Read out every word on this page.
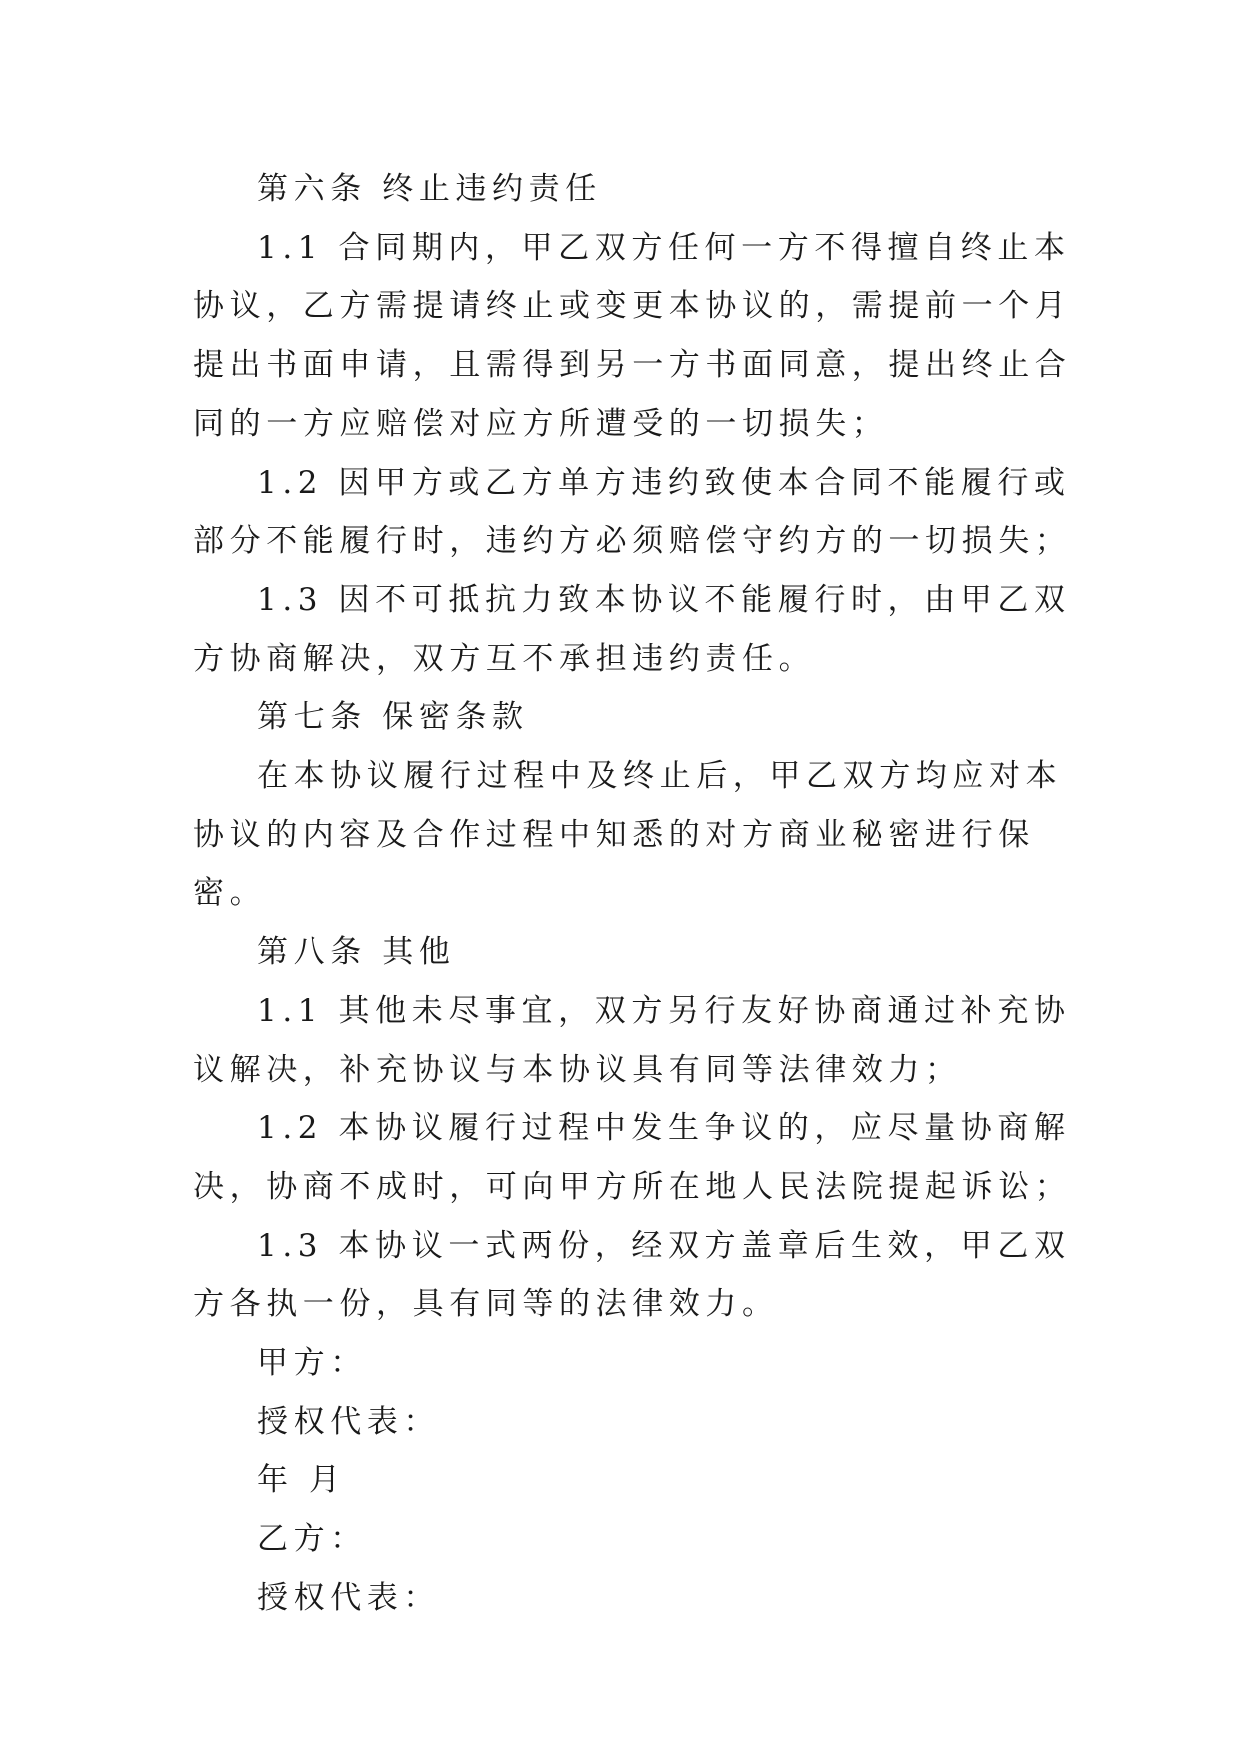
第六条 终止违约责任

1.1 合同期内，甲乙双方任何一方不得擅自终止本协议，乙方需提请终止或变更本协议的，需提前一个月提出书面申请，且需得到另一方书面同意，提出终止合同的一方应赔偿对应方所遭受的一切损失；

1.2 因甲方或乙方单方违约致使本合同不能履行或部分不能履行时，违约方必须赔偿守约方的一切损失；

1.3 因不可抵抗力致本协议不能履行时，由甲乙双方协商解决，双方互不承担违约责任。

第七条 保密条款

在本协议履行过程中及终止后，甲乙双方均应对本协议的内容及合作过程中知悉的对方商业秘密进行保密。

第八条 其他

1.1 其他未尽事宜，双方另行友好协商通过补充协议解决，补充协议与本协议具有同等法律效力；

1.2 本协议履行过程中发生争议的，应尽量协商解决，协商不成时，可向甲方所在地人民法院提起诉讼；

1.3 本协议一式两份，经双方盖章后生效，甲乙双方各执一份，具有同等的法律效力。

甲方：

授权代表：

年 月

乙方：

授权代表：
